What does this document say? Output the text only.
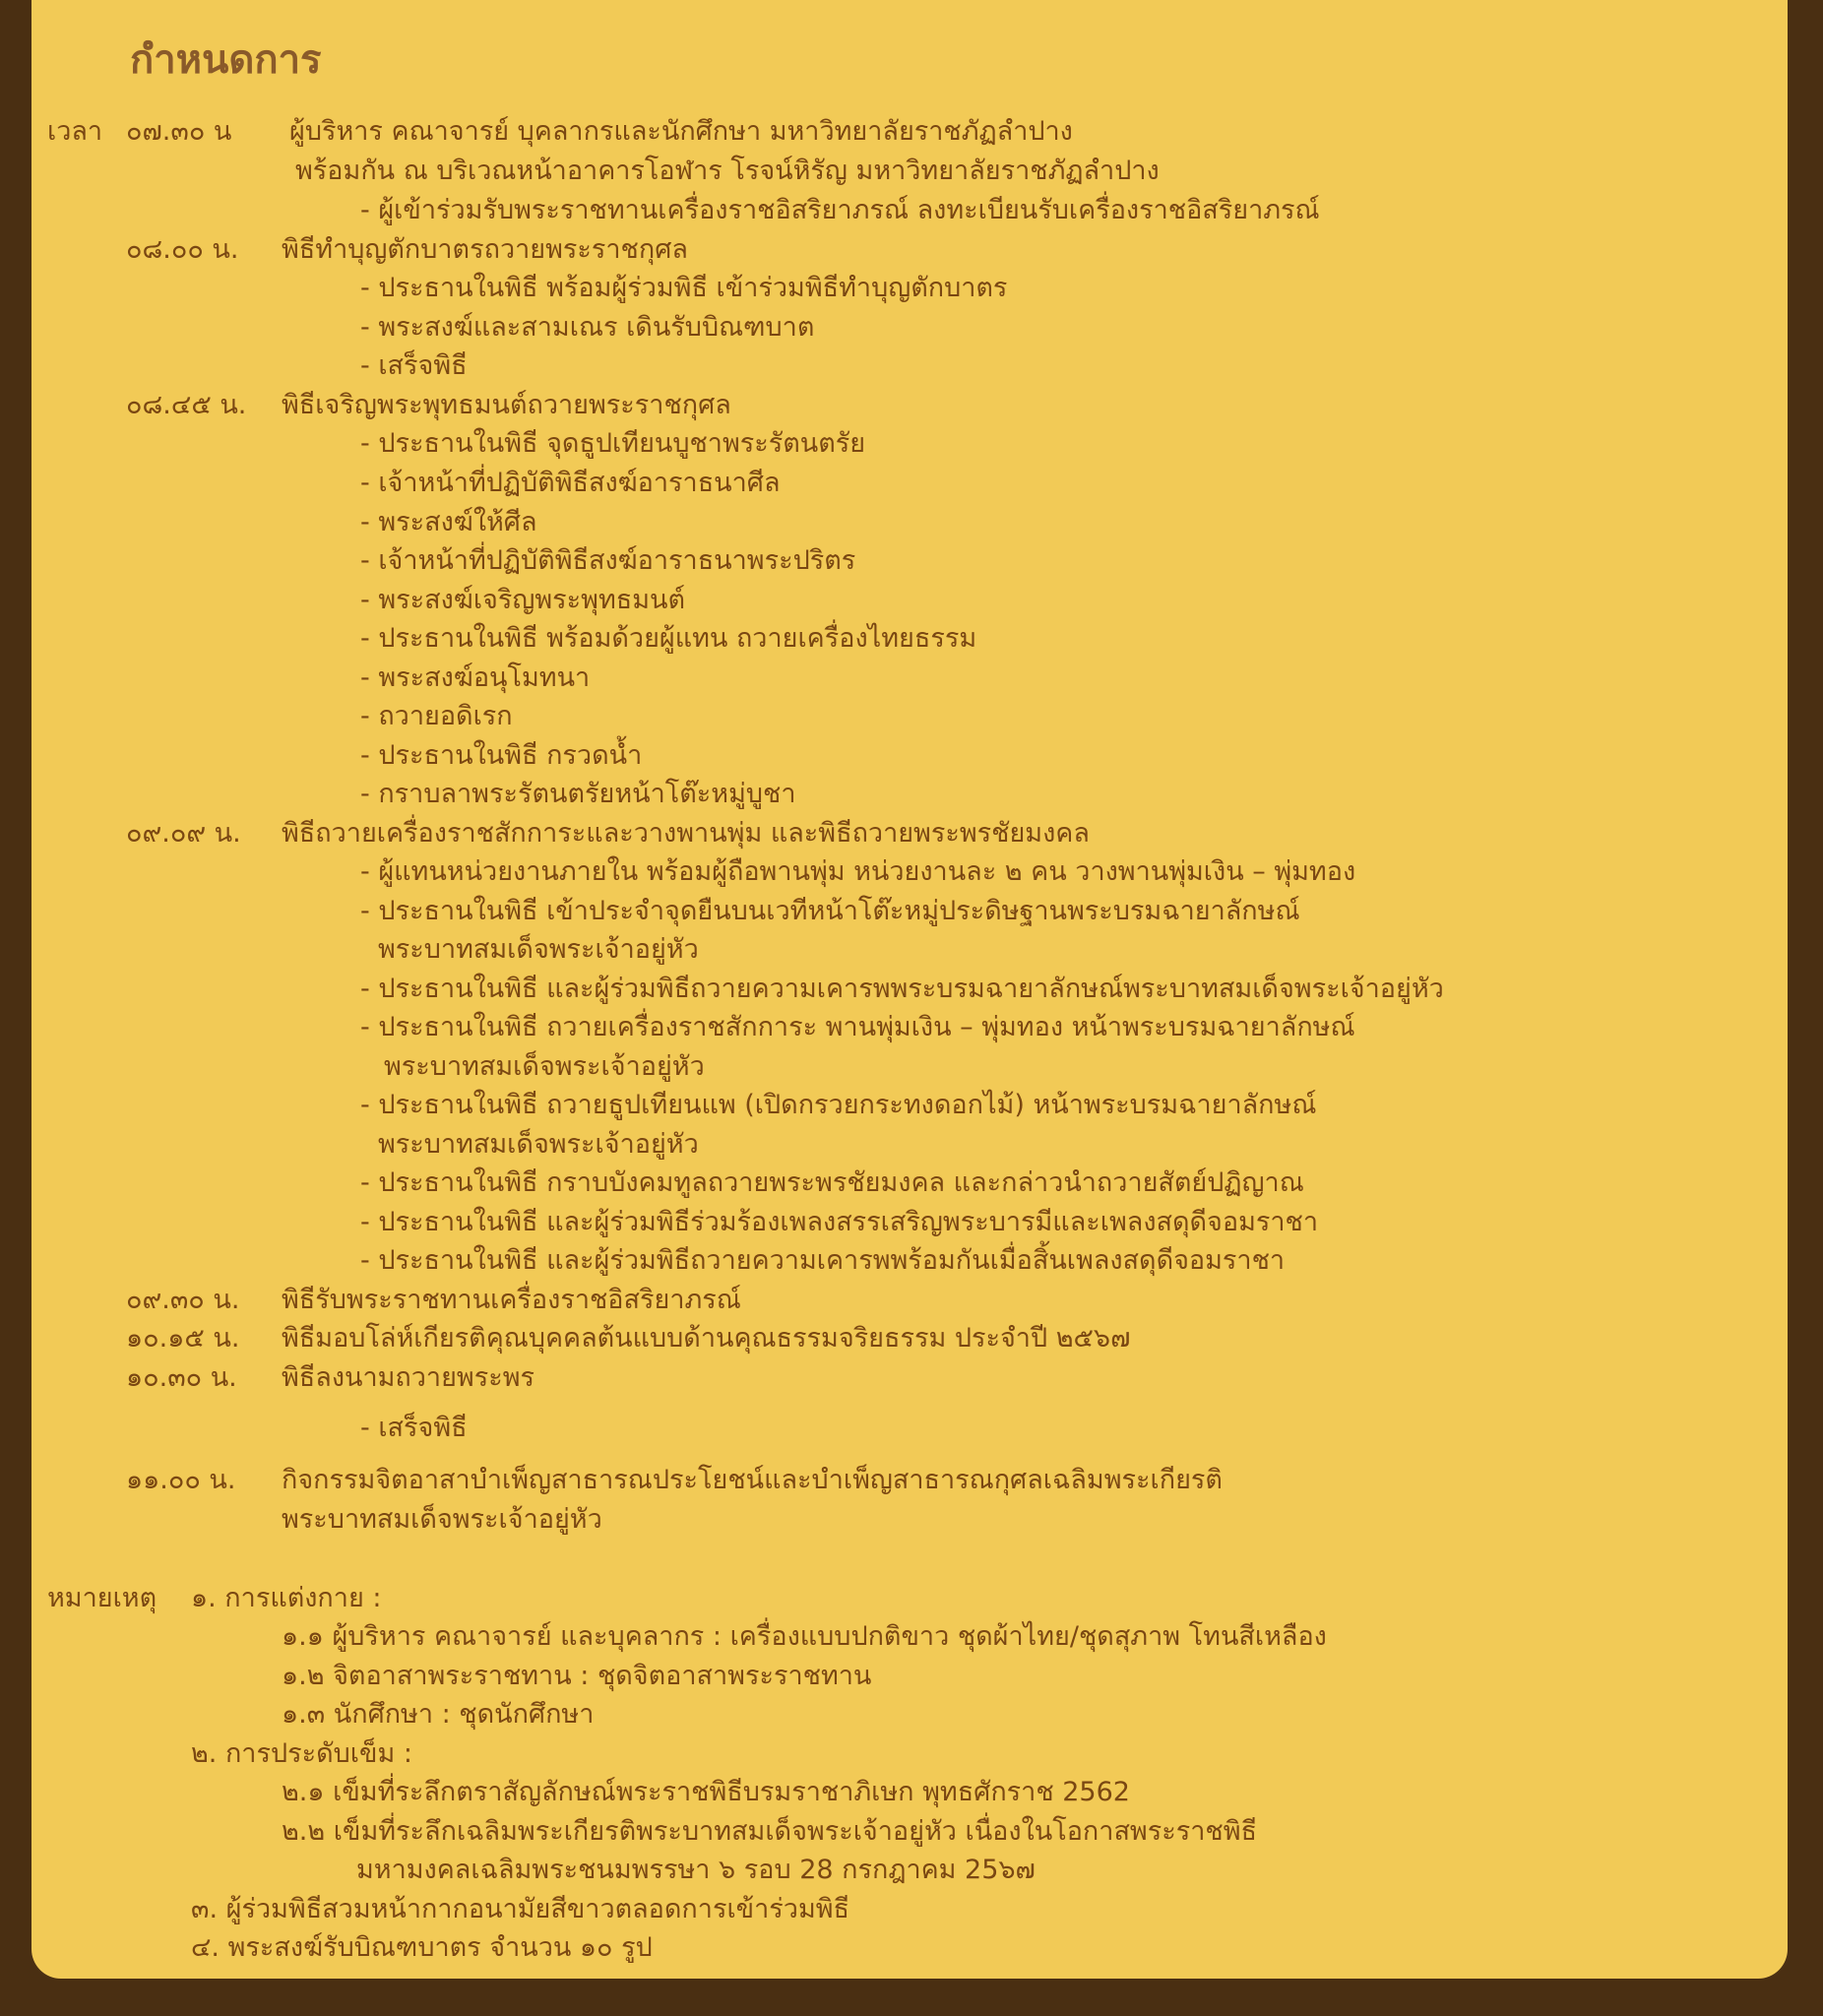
กำหนดการ
เวลา ๐๗.๓๐ น ผู้บริหาร คณาจารย์ บุคลากรและนักศึกษา มหาวิทยาลัยราชภัฏลำปาง
พร้อมกัน ณ บริเวณหน้าอาคารโอฬาร โรจน์หิรัญ มหาวิทยาลัยราชภัฏลำปาง
- ผู้เข้าร่วมรับพระราชทานเครื่องราชอิสริยาภรณ์ ลงทะเบียนรับเครื่องราชอิสริยาภรณ์
๐๘.๐๐ น. พิธีทำบุญตักบาตรถวายพระราชกุศล
- ประธานในพิธี พร้อมผู้ร่วมพิธี เข้าร่วมพิธีทำบุญตักบาตร
- พระสงฆ์และสามเณร เดินรับบิณฑบาต
- เสร็จพิธี
๐๘.๔๕ น. พิธีเจริญพระพุทธมนต์ถวายพระราชกุศล
- ประธานในพิธี จุดธูปเทียนบูชาพระรัตนตรัย
- เจ้าหน้าที่ปฏิบัติพิธีสงฆ์อาราธนาศีล
- พระสงฆ์ให้ศีล
- เจ้าหน้าที่ปฏิบัติพิธีสงฆ์อาราธนาพระปริตร
- พระสงฆ์เจริญพระพุทธมนต์
- ประธานในพิธี พร้อมด้วยผู้แทน ถวายเครื่องไทยธรรม
- พระสงฆ์อนุโมทนา
- ถวายอดิเรก
- ประธานในพิธี กรวดน้ำ
- กราบลาพระรัตนตรัยหน้าโต๊ะหมู่บูชา
๐๙.๐๙ น. พิธีถวายเครื่องราชสักการะและวางพานพุ่ม และพิธีถวายพระพรชัยมงคล
- ผู้แทนหน่วยงานภายใน พร้อมผู้ถือพานพุ่ม หน่วยงานละ ๒ คน วางพานพุ่มเงิน – พุ่มทอง
- ประธานในพิธี เข้าประจำจุดยืนบนเวทีหน้าโต๊ะหมู่ประดิษฐานพระบรมฉายาลักษณ์
พระบาทสมเด็จพระเจ้าอยู่หัว
- ประธานในพิธี และผู้ร่วมพิธีถวายความเคารพพระบรมฉายาลักษณ์พระบาทสมเด็จพระเจ้าอยู่หัว
- ประธานในพิธี ถวายเครื่องราชสักการะ พานพุ่มเงิน – พุ่มทอง หน้าพระบรมฉายาลักษณ์
พระบาทสมเด็จพระเจ้าอยู่หัว
- ประธานในพิธี ถวายธูปเทียนแพ (เปิดกรวยกระทงดอกไม้) หน้าพระบรมฉายาลักษณ์
พระบาทสมเด็จพระเจ้าอยู่หัว
- ประธานในพิธี กราบบังคมทูลถวายพระพรชัยมงคล และกล่าวนำถวายสัตย์ปฏิญาณ
- ประธานในพิธี และผู้ร่วมพิธีร่วมร้องเพลงสรรเสริญพระบารมีและเพลงสดุดีจอมราชา
- ประธานในพิธี และผู้ร่วมพิธีถวายความเคารพพร้อมกันเมื่อสิ้นเพลงสดุดีจอมราชา
๐๙.๓๐ น. พิธีรับพระราชทานเครื่องราชอิสริยาภรณ์
๑๐.๑๕ น. พิธีมอบโล่ห์เกียรติคุณบุคคลต้นแบบด้านคุณธรรมจริยธรรม ประจำปี ๒๕๖๗
๑๐.๓๐ น. พิธีลงนามถวายพระพร
- เสร็จพิธี
๑๑.๐๐ น. กิจกรรมจิตอาสาบำเพ็ญสาธารณประโยชน์และบำเพ็ญสาธารณกุศลเฉลิมพระเกียรติ
พระบาทสมเด็จพระเจ้าอยู่หัว
หมายเหตุ ๑. การแต่งกาย :
๑.๑ ผู้บริหาร คณาจารย์ และบุคลากร : เครื่องแบบปกติขาว ชุดผ้าไทย/ชุดสุภาพ โทนสีเหลือง
๑.๒ จิตอาสาพระราชทาน : ชุดจิตอาสาพระราชทาน
๑.๓ นักศึกษา : ชุดนักศึกษา
๒. การประดับเข็ม :
๒.๑ เข็มที่ระลึกตราสัญลักษณ์พระราชพิธีบรมราชาภิเษก พุทธศักราช 2562
๒.๒ เข็มที่ระลึกเฉลิมพระเกียรติพระบาทสมเด็จพระเจ้าอยู่หัว เนื่องในโอกาสพระราชพิธี
มหามงคลเฉลิมพระชนมพรรษา ๖ รอบ 28 กรกฎาคม 25๖๗
๓. ผู้ร่วมพิธีสวมหน้ากากอนามัยสีขาวตลอดการเข้าร่วมพิธี
๔. พระสงฆ์รับบิณฑบาตร จำนวน ๑๐ รูป
